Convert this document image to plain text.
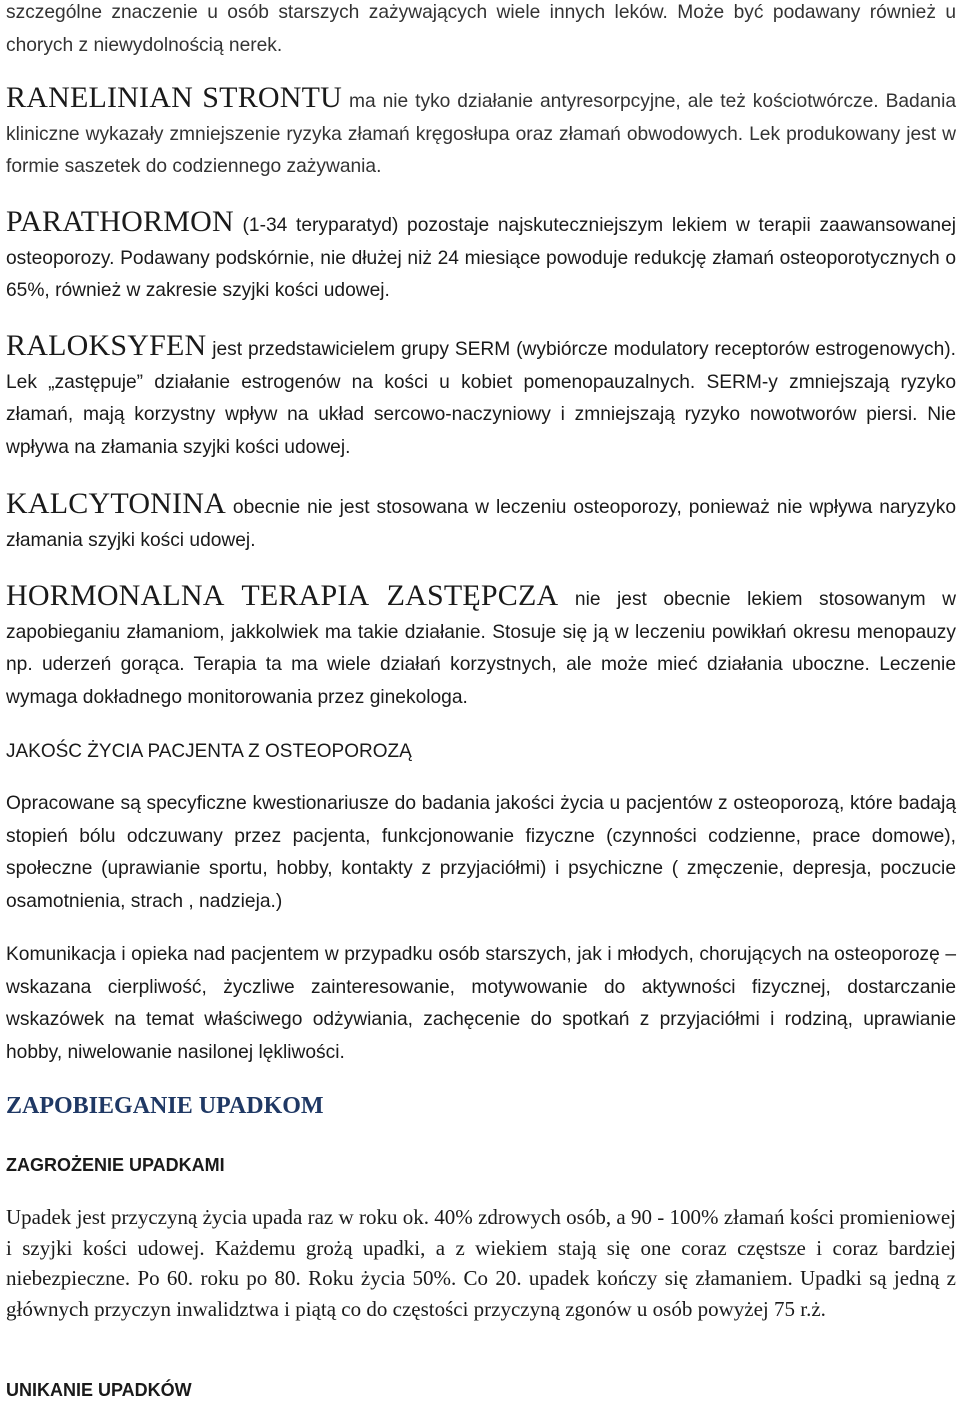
szczególne znaczenie u osób starszych zażywających wiele innych leków. Może być podawany również u chorych z niewydolnością nerek.

RANELINIAN STRONTU ma nie tyko działanie antyresorpcyjne, ale też kościotwórcze. Badania kliniczne wykazały zmniejszenie ryzyka złamań kręgosłupa oraz złamań obwodowych. Lek produkowany jest w formie saszetek do codziennego zażywania.

PARATHORMON (1-34 teryparatyd) pozostaje najskuteczniejszym lekiem w terapii zaawansowanej osteoporozy. Podawany podskórnie, nie dłużej niż 24 miesiące powoduje redukcję złamań osteoporotycznych o 65%, również w zakresie szyjki kości udowej.

RALOKSYFEN jest przedstawicielem grupy SERM (wybiórcze modulatory receptorów estrogenowych). Lek „zastępuje” działanie estrogenów na kości u kobiet pomenopauzalnych. SERM-y zmniejszają ryzyko złamań, mają korzystny wpływ na układ sercowo-naczyniowy i zmniejszają ryzyko nowotworów piersi. Nie wpływa na złamania szyjki kości udowej.

KALCYTONINA obecnie nie jest stosowana w leczeniu osteoporozy, ponieważ nie wpływa naryzyko złamania szyjki kości udowej.

HORMONALNA TERAPIA ZASTĘPCZA nie jest obecnie lekiem stosowanym w zapobieganiu złamaniom, jakkolwiek ma takie działanie. Stosuje się ją w leczeniu powikłań okresu menopauzy np. uderzeń gorąca. Terapia ta ma wiele działań korzystnych, ale może mieć działania uboczne. Leczenie wymaga dokładnego monitorowania przez ginekologa.

JAKOŚC ŻYCIA PACJENTA Z OSTEOPOROZĄ

Opracowane są specyficzne kwestionariusze do badania jakości życia u pacjentów z osteoporozą, które badają stopień bólu odczuwany przez pacjenta, funkcjonowanie fizyczne (czynności codzienne, prace domowe), społeczne (uprawianie sportu, hobby, kontakty z przyjaciółmi) i psychiczne ( zmęczenie, depresja, poczucie osamotnienia, strach , nadzieja.)

Komunikacja i opieka nad pacjentem w przypadku osób starszych, jak i młodych, chorujących na osteoporozę – wskazana cierpliwość, życzliwe zainteresowanie, motywowanie do aktywności fizycznej, dostarczanie wskazówek na temat właściwego odżywiania, zachęcenie do spotkań z przyjaciółmi i rodziną, uprawianie hobby, niwelowanie nasilonej lękliwości.

ZAPOBIEGANIE UPADKOM
ZAGROŻENIE UPADKAMI

Upadek jest przyczyną życia upada raz w roku ok. 40% zdrowych osób, a 90 - 100% złamań kości promieniowej i szyjki kości udowej. Każdemu grożą upadki, a z wiekiem stają się one coraz częstsze i coraz bardziej niebezpieczne. Po 60. roku po 80. Roku życia 50%. Co 20. upadek kończy się złamaniem. Upadki są jedną z głównych przyczyn inwalidztwa i piątą co do częstości przyczyną zgonów u osób powyżej 75 r.ż.

UNIKANIE UPADKÓW
